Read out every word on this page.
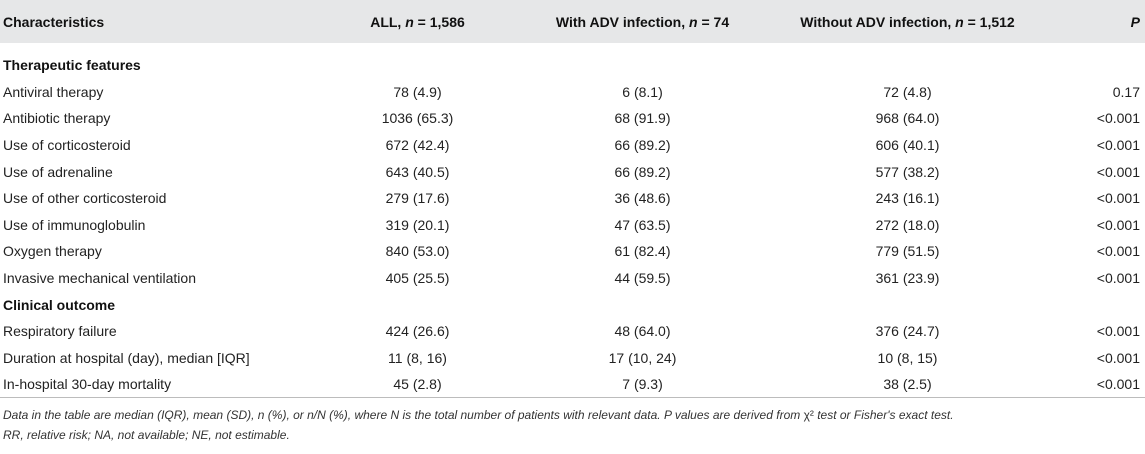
Characteristics	ALL, n = 1,586	With ADV infection, n = 74	Without ADV infection, n = 1,512	P

Therapeutic features				
Antiviral therapy	78 (4.9)	6 (8.1)	72 (4.8)	0.17
Antibiotic therapy	1036 (65.3)	68 (91.9)	968 (64.0)	<0.001
Use of corticosteroid	672 (42.4)	66 (89.2)	606 (40.1)	<0.001
Use of adrenaline	643 (40.5)	66 (89.2)	577 (38.2)	<0.001
Use of other corticosteroid	279 (17.6)	36 (48.6)	243 (16.1)	<0.001
Use of immunoglobulin	319 (20.1)	47 (63.5)	272 (18.0)	<0.001
Oxygen therapy	840 (53.0)	61 (82.4)	779 (51.5)	<0.001
Invasive mechanical ventilation	405 (25.5)	44 (59.5)	361 (23.9)	<0.001
Clinical outcome				
Respiratory failure	424 (26.6)	48 (64.0)	376 (24.7)	<0.001
Duration at hospital (day), median [IQR]	11 (8, 16)	17 (10, 24)	10 (8, 15)	<0.001
In-hospital 30-day mortality	45 (2.8)	7 (9.3)	38 (2.5)	<0.001
Data in the table are median (IQR), mean (SD), n (%), or n/N (%), where N is the total number of patients with relevant data. P values are derived from χ² test or Fisher's exact test.
RR, relative risk; NA, not available; NE, not estimable.
